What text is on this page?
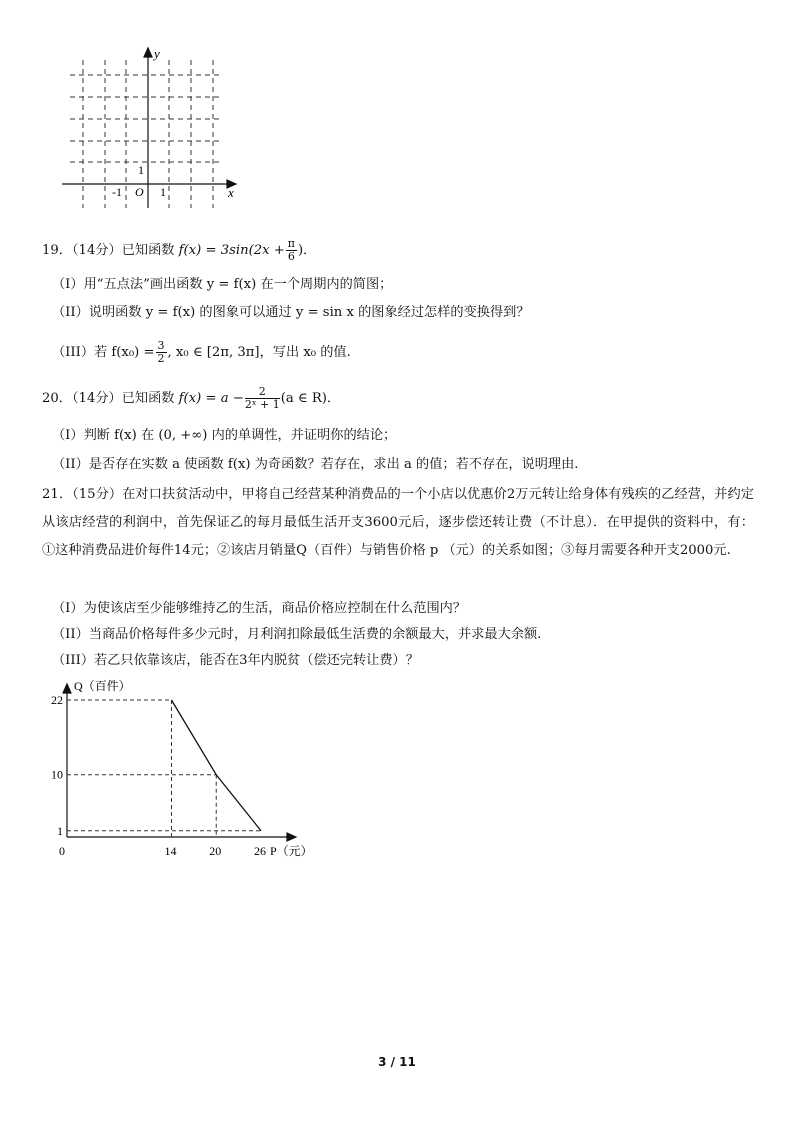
y
x
O
-1	1
1
19．（14分）已知函数 $f(x) = 3\sin(2x + \frac{\pi}{6}$ )．
（I）用“五点法”画出函数 y = f(x) 在一个周期内的简图；
（II）说明函数 y = f(x) 的图象可以通过 y = sin x 的图象经过怎样的变换得到？
（III）若 $f(x_0) = \frac{3}{2}$ , x₀ ∈ [2π, 3π]，写出 x₀ 的值.
20．（14分）已知函数 $f(x) = a - \frac{2}{\text{2ˣ + 1}} (a$ ∈ R)．
（I）判断 f(x) 在 (0, +∞) 内的单调性，并证明你的结论；
（II）是否存在实数 a 使函数 f(x) 为奇函数？若存在，求出 a 的值；若不存在，说明理由.
21．（15分）在对口扶贫活动中，甲将自己经营某种消费品的一个小店以优惠价2万元转让给身体有残疾的乙经营，并约定从该店经营的利润中，首先保证乙的每月最低生活开支3600元后，逐步偿还转让费（不计息）．在甲提供的资料中，有：①这种消费品进价每件14元；②该店月销量Q（百件）与销售价格 p （元）的关系如图；③每月需要各种开支2000元.
（I）为使该店至少能够维持乙的生活，商品价格应控制在什么范围内？
（II）当商品价格每件多少元时，月利润扣除最低生活费的余额最大，并求最大余额.
（III）若乙只依靠该店，能否在3年内脱贫（偿还完转让费）？
Q（百件）
P（元）
0	14	20	26
22
10
1
3 / 11
